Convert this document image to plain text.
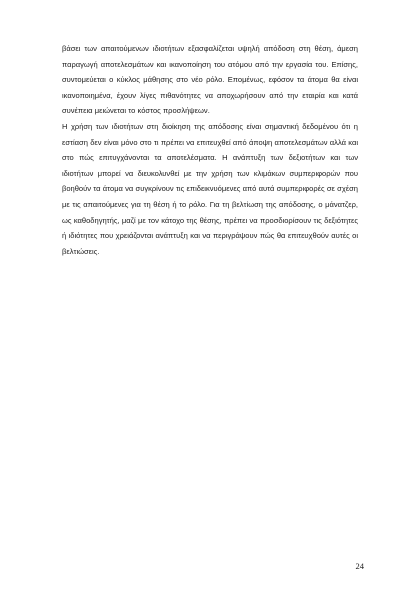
βάσει των απαιτούμενων ιδιοτήτων εξασφαλίζεται υψηλή απόδοση στη θέση, άμεση παραγωγή αποτελεσμάτων και ικανοποίηση του ατόμου από την εργασία του. Επίσης, συντομεύεται ο κύκλος μάθησης στο νέο ρόλο. Επομένως, εφόσον τα άτομα θα είναι ικανοποιημένα, έχουν λίγες πιθανότητες να αποχωρήσουν από την εταιρία και κατά συνέπεια μειώνεται το κόστος προσλήψεων.

Η χρήση των ιδιοτήτων στη διοίκηση της απόδοσης είναι σημαντική δεδομένου ότι η εστίαση δεν είναι μόνο στο τι πρέπει να επιτευχθεί από άποψη αποτελεσμάτων αλλά και στο πώς επιτυγχάνονται τα αποτελέσματα. Η ανάπτυξη των δεξιοτήτων και των ιδιοτήτων μπορεί να διευκολυνθεί με την χρήση των κλιμάκων συμπεριφορών που βοηθούν τα άτομα να συγκρίνουν τις επιδεικνυόμενες από αυτά συμπεριφορές σε σχέση με τις απαιτούμενες για τη θέση ή το ρόλο. Για τη βελτίωση της απόδοσης, ο μάνατζερ, ως καθοδηγητής, μαζί με τον κάτοχο της θέσης, πρέπει να προσδιορίσουν τις δεξιότητες ή ιδιότητες που χρειάζονται ανάπτυξη και να περιγράψουν πώς θα επιτευχθούν αυτές οι βελτιώσεις.

24
